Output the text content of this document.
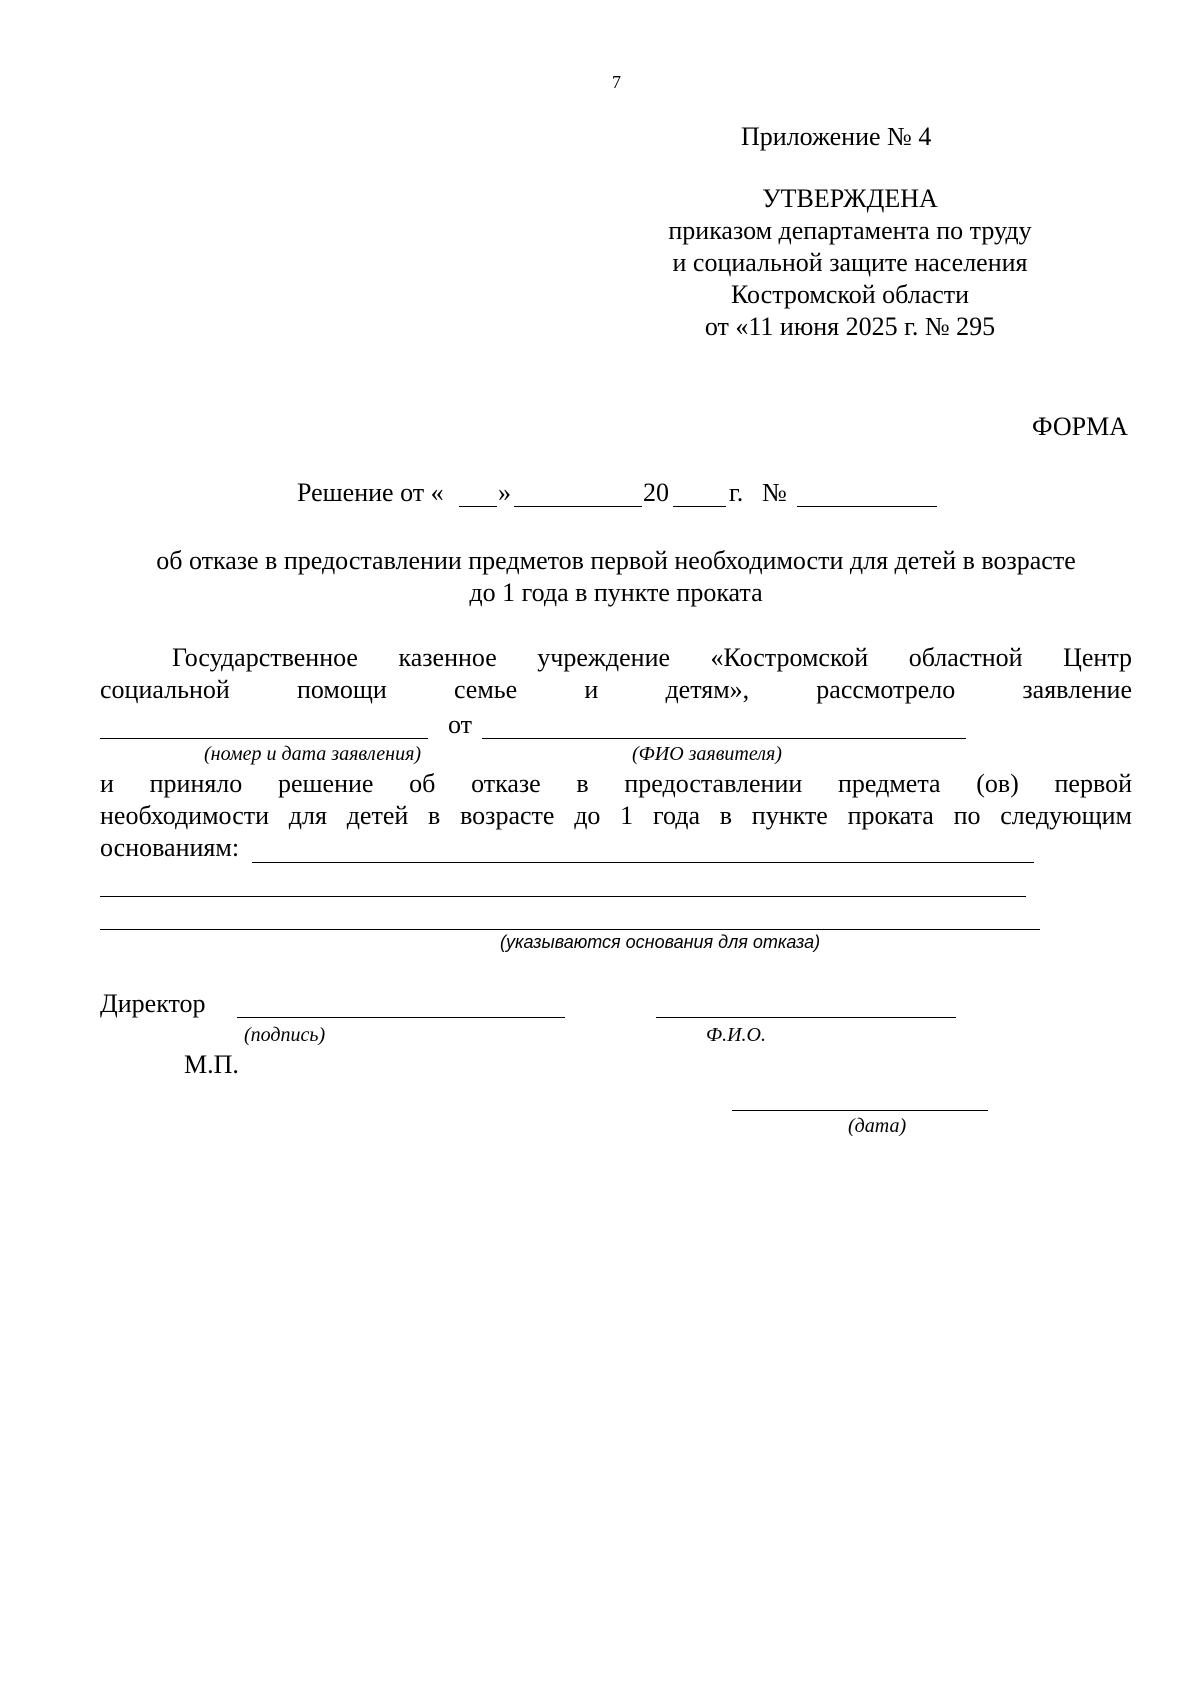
7
Приложение № 4
УТВЕРЖДЕНА
приказом департамента по труду
и социальной защите населения
Костромской области
от «11 июня 2025 г. № 295
ФОРМА
Решение от « »	20 г. №
об отказе в предоставлении предметов первой необходимости для детей в возрасте
до 1 года в пункте проката
Государственное казенное учреждение «Костромской областной Центр
социальной помощи семье и детям», рассмотрело заявление
от
(номер и дата заявления)	(ФИО заявителя)
и приняло решение об отказе в предоставлении предмета (ов) первой
необходимости для детей в возрасте до 1 года в пункте проката по следующим
основаниям:
(указываются основания для отказа)
Директор
(подпись)	Ф.И.О.
М.П.
(дата)
